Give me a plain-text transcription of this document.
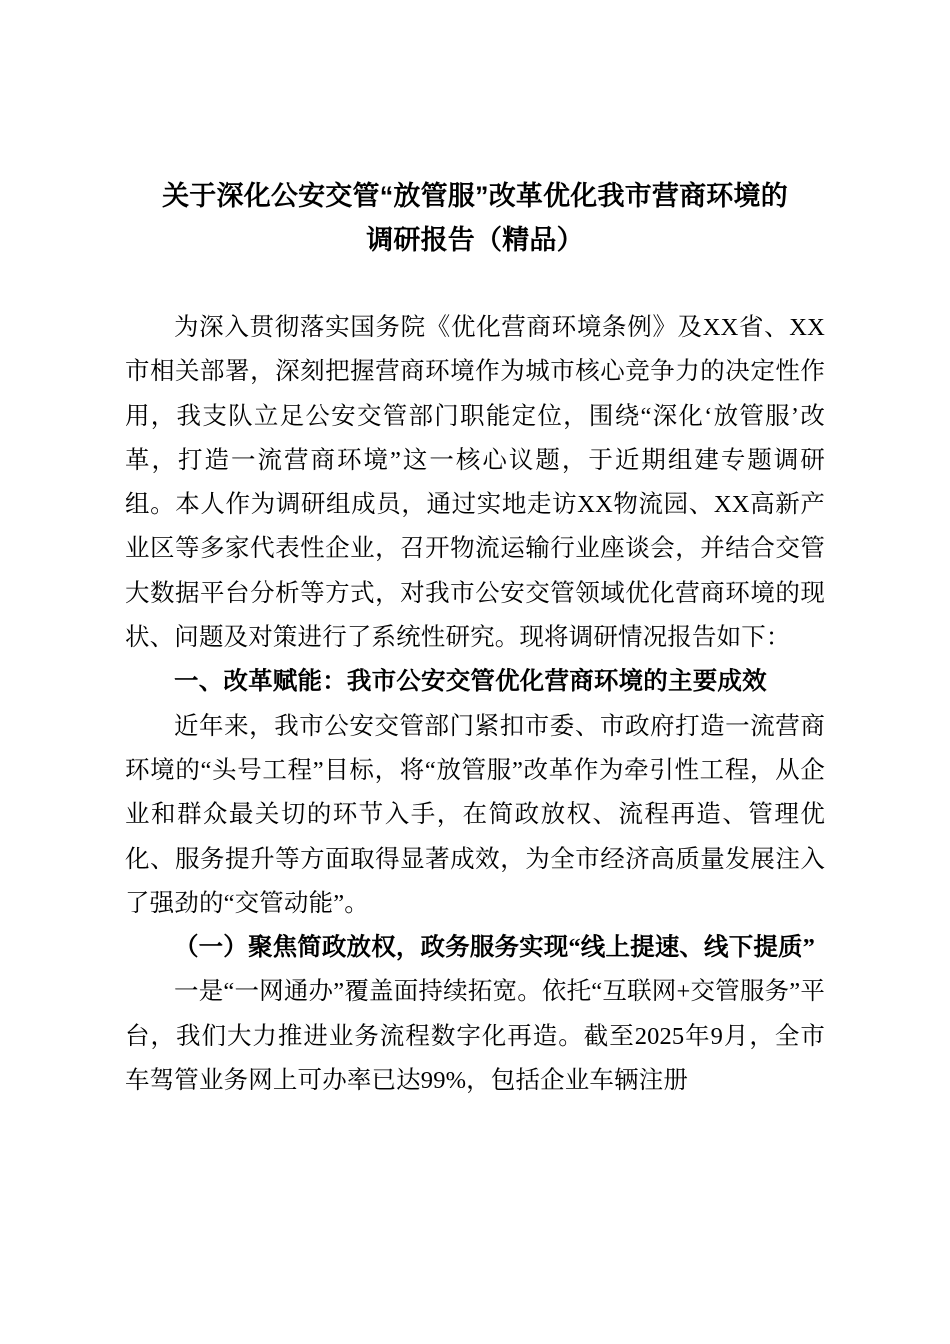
关于深化公安交管“放管服”改革优化我市营商环境的
调研报告（精品）

为深入贯彻落实国务院《优化营商环境条例》及XX省、XX市相关部署，深刻把握营商环境作为城市核心竞争力的决定性作用，我支队立足公安交管部门职能定位，围绕“深化‘放管服’改革，打造一流营商环境”这一核心议题，于近期组建专题调研组。本人作为调研组成员，通过实地走访XX物流园、XX高新产业区等多家代表性企业，召开物流运输行业座谈会，并结合交管大数据平台分析等方式，对我市公安交管领域优化营商环境的现状、问题及对策进行了系统性研究。现将调研情况报告如下：

一、改革赋能：我市公安交管优化营商环境的主要成效

近年来，我市公安交管部门紧扣市委、市政府打造一流营商环境的“头号工程”目标，将“放管服”改革作为牵引性工程，从企业和群众最关切的环节入手，在简政放权、流程再造、管理优化、服务提升等方面取得显著成效，为全市经济高质量发展注入了强劲的“交管动能”。

（一）聚焦简政放权，政务服务实现“线上提速、线下提质”

一是“一网通办”覆盖面持续拓宽。依托“互联网+交管服务”平台，我们大力推进业务流程数字化再造。截至2025年9月，全市车驾管业务网上可办率已达99%，包括企业车辆注册
